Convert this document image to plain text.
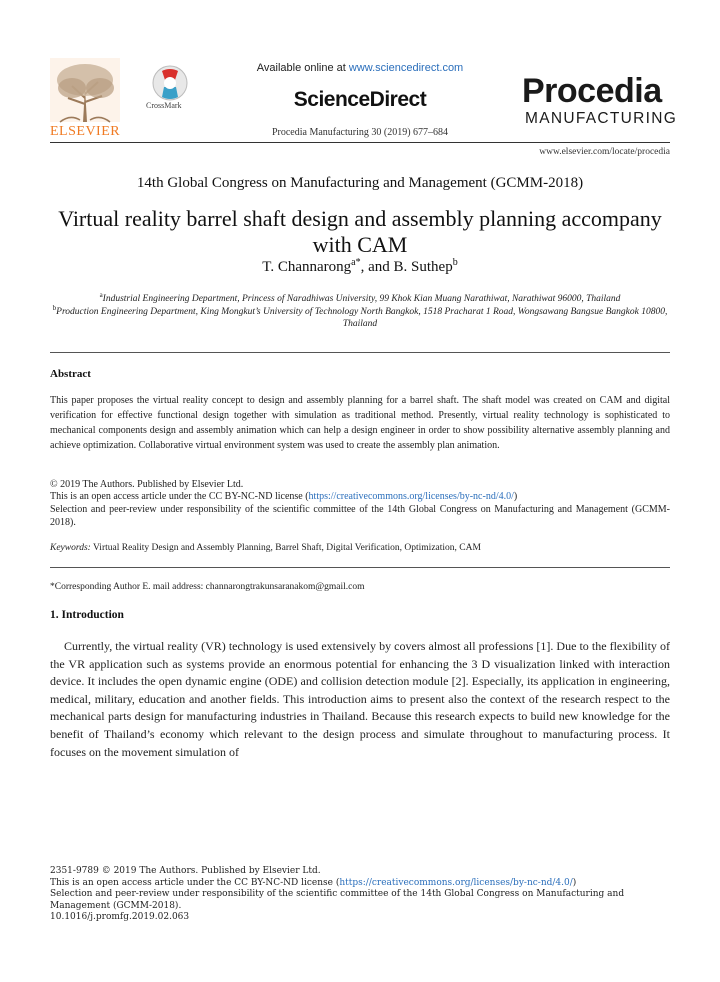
ELSEVIER
CrossMark
Available online at www.sciencedirect.com
ScienceDirect
Procedia Manufacturing 30 (2019) 677–684
Procedia
MANUFACTURING
www.elsevier.com/locate/procedia
14th Global Congress on Manufacturing and Management (GCMM-2018)
Virtual reality barrel shaft design and assembly planning accompany with CAM
T. Channarong$^{a*}$, and B. Suthep$^b$
$^a$Industrial Engineering Department, Princess of Naradhiwas University, 99 Khok Kian Muang Narathiwat, Narathiwat 96000, Thailand
$^b$Production Engineering Department, King Mongkut’s University of Technology North Bangkok, 1518 Pracharat 1 Road, Wongsawang Bangsue Bangkok 10800, Thailand
Abstract
This paper proposes the virtual reality concept to design and assembly planning for a barrel shaft. The shaft model was created on CAM and digital verification for effective functional design together with simulation as traditional method. Presently, virtual reality technology is sophisticated to mechanical components design and assembly animation which can help a design engineer in order to show possibility alternative assembly planning and achieve optimization. Collaborative virtual environment system was used to create the assembly plan animation.
© 2019 The Authors. Published by Elsevier Ltd.
This is an open access article under the CC BY-NC-ND license (https://creativecommons.org/licenses/by-nc-nd/4.0/)
Selection and peer-review under responsibility of the scientific committee of the 14th Global Congress on Manufacturing and Management (GCMM-2018).
Keywords: Virtual Reality Design and Assembly Planning, Barrel Shaft, Digital Verification, Optimization, CAM
*Corresponding Author E. mail address: channarongtrakunsaranakom@gmail.com
1. Introduction
Currently, the virtual reality (VR) technology is used extensively by covers almost all professions [1]. Due to the flexibility of the VR application such as systems provide an enormous potential for enhancing the 3 D visualization linked with interaction device. It includes the open dynamic engine (ODE) and collision detection module [2]. Especially, its application in engineering, medical, military, education and another fields. This introduction aims to present also the context of the research respect to the mechanical parts design for manufacturing industries in Thailand. Because this research expects to build new knowledge for the benefit of Thailand’s economy which relevant to the design process and simulate throughout to manufacturing process. It focuses on the movement simulation of
2351-9789 © 2019 The Authors. Published by Elsevier Ltd.
This is an open access article under the CC BY-NC-ND license (https://creativecommons.org/licenses/by-nc-nd/4.0/)
Selection and peer-review under responsibility of the scientific committee of the 14th Global Congress on Manufacturing and Management (GCMM-2018).
10.1016/j.promfg.2019.02.063
